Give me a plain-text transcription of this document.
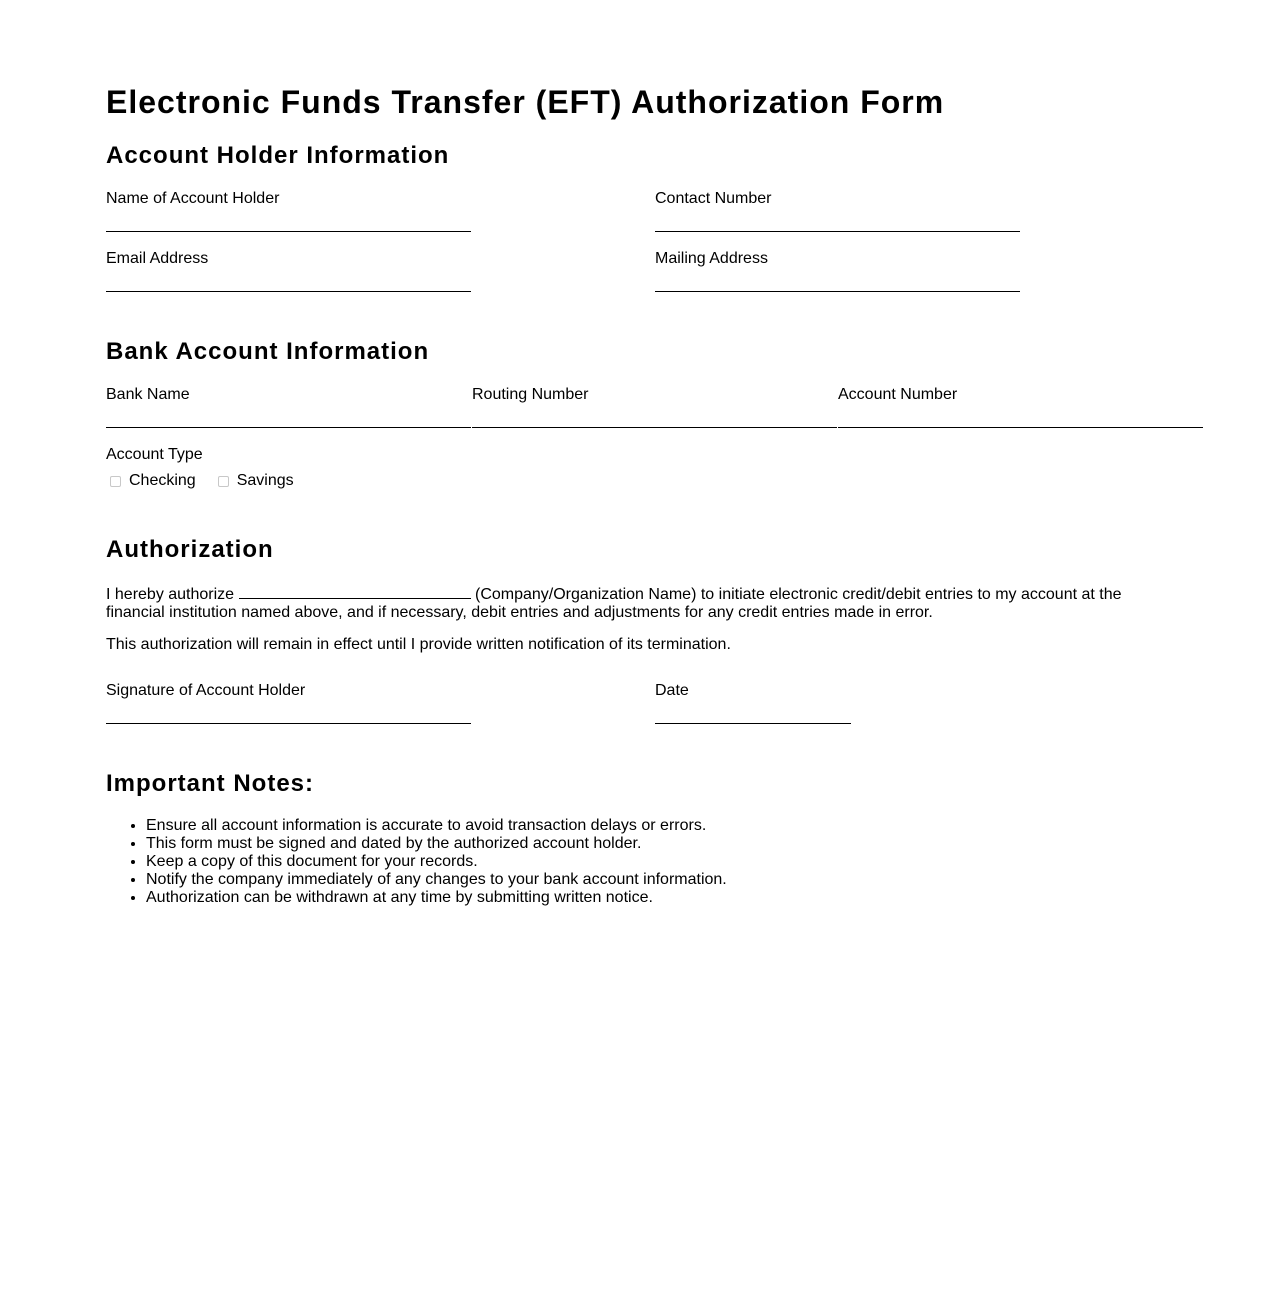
Electronic Funds Transfer (EFT) Authorization Form
Account Holder Information
Name of Account Holder	Contact Number
Email Address	Mailing Address
Bank Account Information
Bank Name	Routing Number	Account Number
Account Type
Checking	Savings
Authorization

I hereby authorize	(Company/Organization Name) to initiate electronic credit/debit entries to my account at the financial institution named above, and if necessary, debit entries and adjustments for any credit entries made in error.

This authorization will remain in effect until I provide written notification of its termination.

Signature of Account Holder	Date
Important Notes:
• Ensure all account information is accurate to avoid transaction delays or errors.
• This form must be signed and dated by the authorized account holder.
• Keep a copy of this document for your records.
• Notify the company immediately of any changes to your bank account information.
• Authorization can be withdrawn at any time by submitting written notice.
